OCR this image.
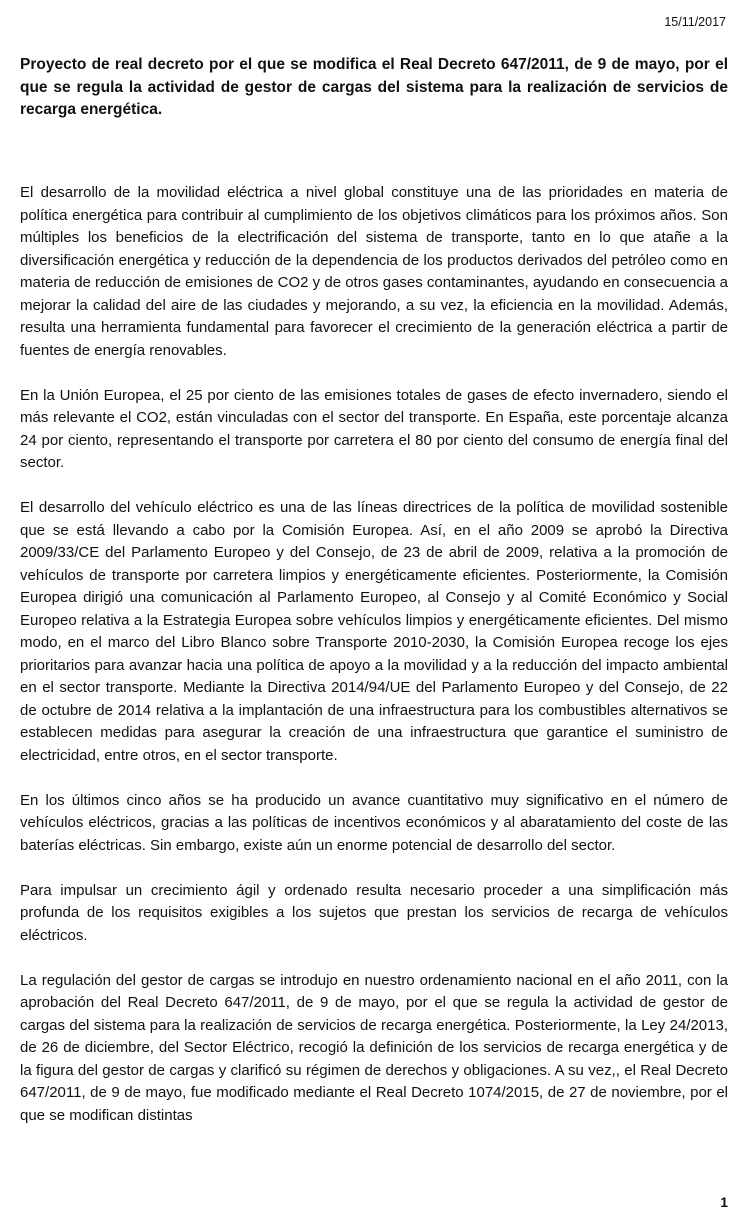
15/11/2017
Proyecto de real decreto por el que se modifica el Real Decreto 647/2011, de 9 de mayo, por el que se regula la actividad de gestor de cargas del sistema para la realización de servicios de recarga energética.

El desarrollo de la movilidad eléctrica a nivel global constituye una de las prioridades en materia de política energética para contribuir al cumplimiento de los objetivos climáticos para los próximos años. Son múltiples los beneficios de la electrificación del sistema de transporte, tanto en lo que atañe a la diversificación energética y reducción de la dependencia de los productos derivados del petróleo como en materia de reducción de emisiones de CO2 y de otros gases contaminantes, ayudando en consecuencia a mejorar la calidad del aire de las ciudades y mejorando, a su vez, la eficiencia en la movilidad. Además, resulta una herramienta fundamental para favorecer el crecimiento de la generación eléctrica a partir de fuentes de energía renovables.

En la Unión Europea, el 25 por ciento de las emisiones totales de gases de efecto invernadero, siendo el más relevante el CO2, están vinculadas con el sector del transporte. En España, este porcentaje alcanza 24 por ciento, representando el transporte por carretera el 80 por ciento del consumo de energía final del sector.

El desarrollo del vehículo eléctrico es una de las líneas directrices de la política de movilidad sostenible que se está llevando a cabo por la Comisión Europea. Así, en el año 2009 se aprobó la Directiva 2009/33/CE del Parlamento Europeo y del Consejo, de 23 de abril de 2009, relativa a la promoción de vehículos de transporte por carretera limpios y energéticamente eficientes. Posteriormente, la Comisión Europea dirigió una comunicación al Parlamento Europeo, al Consejo y al Comité Económico y Social Europeo relativa a la Estrategia Europea sobre vehículos limpios y energéticamente eficientes. Del mismo modo, en el marco del Libro Blanco sobre Transporte 2010-2030, la Comisión Europea recoge los ejes prioritarios para avanzar hacia una política de apoyo a la movilidad y a la reducción del impacto ambiental en el sector transporte. Mediante la Directiva 2014/94/UE del Parlamento Europeo y del Consejo, de 22 de octubre de 2014 relativa a la implantación de una infraestructura para los combustibles alternativos se establecen medidas para asegurar la creación de una infraestructura que garantice el suministro de electricidad, entre otros, en el sector transporte.

En los últimos cinco años se ha producido un avance cuantitativo muy significativo en el número de vehículos eléctricos, gracias a las políticas de incentivos económicos y al abaratamiento del coste de las baterías eléctricas. Sin embargo, existe aún un enorme potencial de desarrollo del sector.

Para impulsar un crecimiento ágil y ordenado resulta necesario proceder a una simplificación más profunda de los requisitos exigibles a los sujetos que prestan los servicios de recarga de vehículos eléctricos.

La regulación del gestor de cargas se introdujo en nuestro ordenamiento nacional en el año 2011, con la aprobación del Real Decreto 647/2011, de 9 de mayo, por el que se regula la actividad de gestor de cargas del sistema para la realización de servicios de recarga energética. Posteriormente, la Ley 24/2013, de 26 de diciembre, del Sector Eléctrico, recogió la definición de los servicios de recarga energética y de la figura del gestor de cargas y clarificó su régimen de derechos y obligaciones. A su vez,, el Real Decreto 647/2011, de 9 de mayo, fue modificado mediante el Real Decreto 1074/2015, de 27 de noviembre, por el que se modifican distintas

1
